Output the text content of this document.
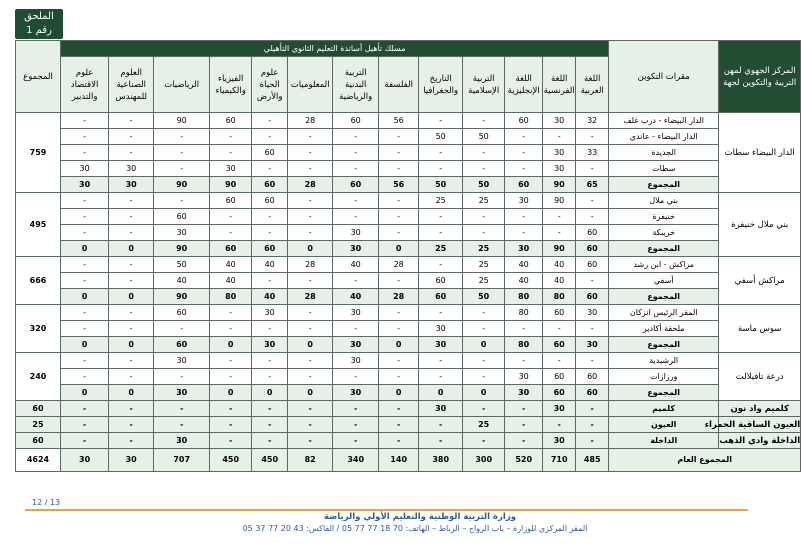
الملحق رقم 1
المركز الجهوي لمهن التربية والتكوين لجهة	مقرات التكوين	مسلك تأهيل أساتذة التعليم الثانوي التأهيلي													المجموع
		اللغة العربية	اللغة الفرنسية	اللغة الإنجليزية	التربية الإسلامية	التاريخ والجغرافيا	الفلسفة	التربية البدنية والرياضية	المعلوميات	علوم الحياة والأرض	الفيزياء والكيمياء	الرياضيات	العلوم الصناعية للمهندس	علوم الاقتصاد والتدبير	
الدار البيضاء سطات	الدار البيضاء - درب غلف	32	30	60	-	-	56	60	28	-	60	90	-	-	759
	الدار البيضاء - عاندي	-	-	-	50	50	-	-	-	-	-	-	-	-	
	الجديدة	33	30	-	-	-	-	-	-	60	-	-	-	-	
	سطات	-	30	-	-	-	-	-	-	-	30	-	30	30	
	المجموع	65	90	60	50	50	56	60	28	60	90	90	30	30	
بني ملال خنيفرة	بني ملال	-	90	30	25	25	-	-	-	60	60	-	-	-	495
	خنيفرة	-	-	-	-	-	-	-	-	-	-	60	-	-	
	خريبكة	60	-	-	-	-	-	30	-	-	-	30	-	-	
	المجموع	60	90	30	25	25	0	30	0	60	60	90	0	0	
مراكش أسفي	مراكش - ابن رشد	60	40	40	25	-	28	40	28	40	40	50	-	-	666
	أسفي	-	40	40	25	60	-	-	-	-	40	40	-	-	
	المجموع	60	80	80	50	60	28	40	28	40	80	90	0	0	
سوس ماسة	المقر الرئيس انزكان	30	60	80	-	-	-	30	-	30	-	60	-	-	320
	ملحقة أكادير	-	-	-	-	30	-	-	-	-	-	-	-	-	
	المجموع	30	60	80	0	30	0	30	0	30	0	60	0	0	
درعة تافيلالت	الرشيدية	-	-	-	-	-	-	30	-	-	-	30	-	-	240
	ورزازات	60	60	30	-	-	-	-	-	-	-	-	-	-	
	المجموع	60	60	30	0	0	0	30	0	0	0	30	0	0	
كلميم واد نون	كلميم	-	30	-	-	30	-	-	-	-	-	-	-	-	60
العيون الساقية الحمراء	العيون	-	-	-	25	-	-	-	-	-	-	-	-	-	25
الداخلة وادي الذهب	الداخلة	-	30	-	-	-	-	-	-	-	-	30	-	-	60
المجموع العام		485	710	520	300	380	140	340	82	450	450	707	30	30	4624
12 / 13
وزارة التربية الوطنية والتعليم الأولي والرياضة
المقر المركزي للوزارة – باب الرواح – الرباط – الهاتف: 70 18 77 77 05 / الفاكس: 43 20 77 37 05
